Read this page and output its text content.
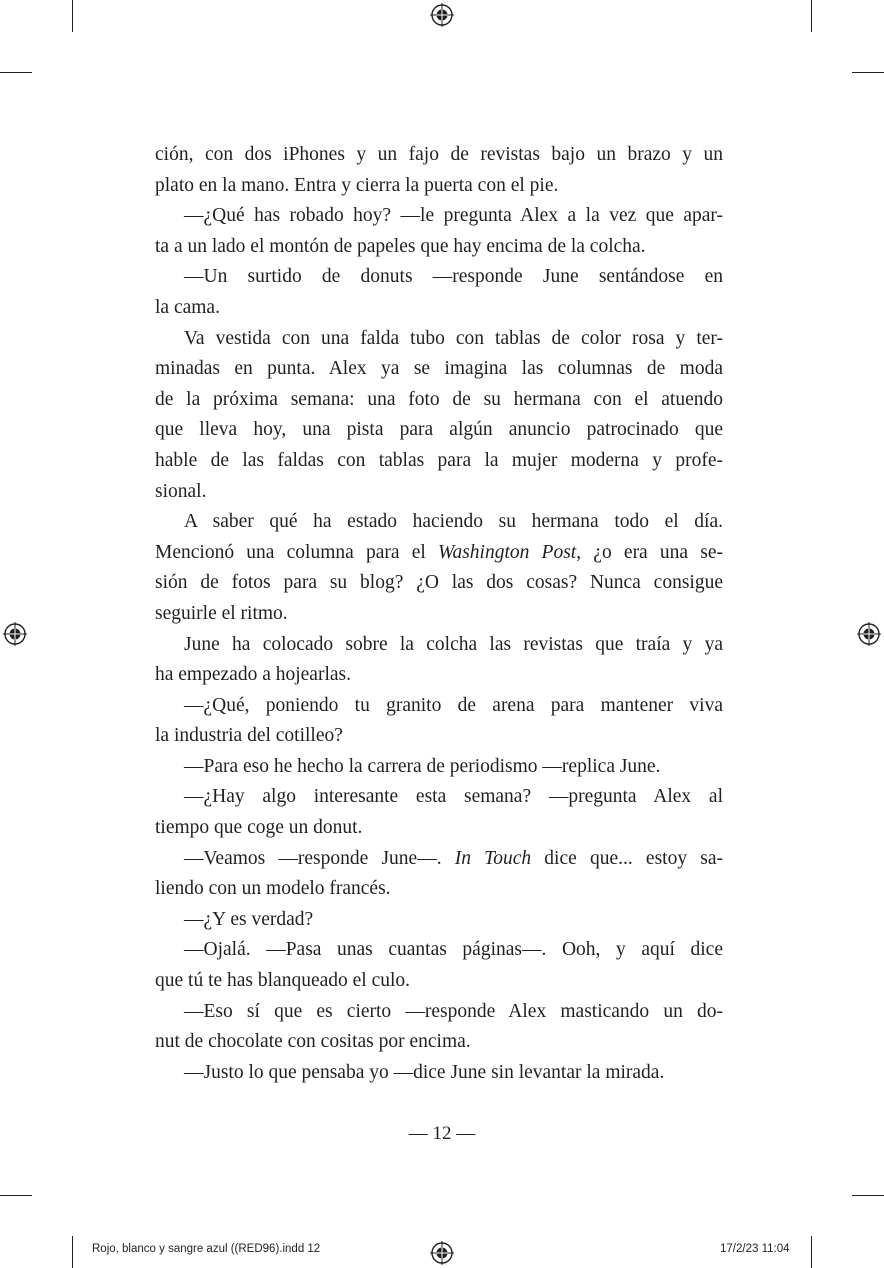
ción, con dos iPhones y un fajo de revistas bajo un brazo y un
plato en la mano. Entra y cierra la puerta con el pie.
—¿Qué has robado hoy? —le pregunta Alex a la vez que apar-
ta a un lado el montón de papeles que hay encima de la colcha.
—Un surtido de donuts —responde June sentándose en
la cama.
Va vestida con una falda tubo con tablas de color rosa y ter-
minadas en punta. Alex ya se imagina las columnas de moda
de la próxima semana: una foto de su hermana con el atuendo
que lleva hoy, una pista para algún anuncio patrocinado que
hable de las faldas con tablas para la mujer moderna y profe-
sional.
A saber qué ha estado haciendo su hermana todo el día.
Mencionó una columna para el Washington Post, ¿o era una se-
sión de fotos para su blog? ¿O las dos cosas? Nunca consigue
seguirle el ritmo.
June ha colocado sobre la colcha las revistas que traía y ya
ha empezado a hojearlas.
—¿Qué, poniendo tu granito de arena para mantener viva
la industria del cotilleo?
—Para eso he hecho la carrera de periodismo —replica June.
—¿Hay algo interesante esta semana? —pregunta Alex al
tiempo que coge un donut.
—Veamos —responde June—. In Touch dice que... estoy sa-
liendo con un modelo francés.
—¿Y es verdad?
—Ojalá. —Pasa unas cuantas páginas—. Ooh, y aquí dice
que tú te has blanqueado el culo.
—Eso sí que es cierto —responde Alex masticando un do-
nut de chocolate con cositas por encima.
—Justo lo que pensaba yo —dice June sin levantar la mirada.
— 12 —
Rojo, blanco y sangre azul ((RED96).indd 12	17/2/23 11:04
